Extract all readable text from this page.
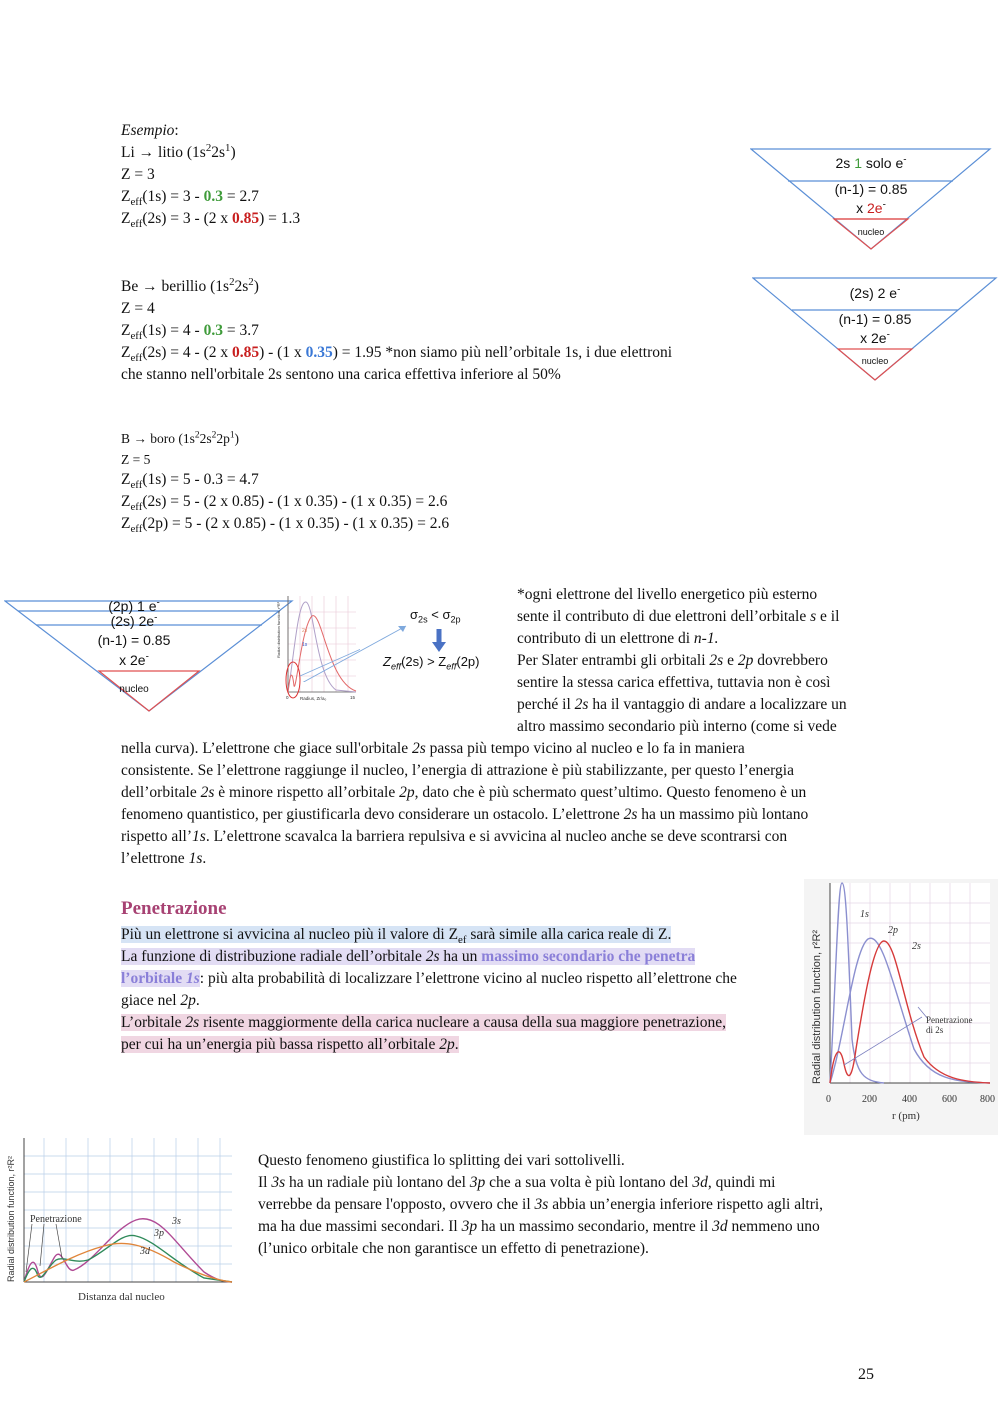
Esempio:
Li → litio $(1s^22s^1)$
Z = 3
$Z_{eff}(1s) = 3 - 0.3 = 2.7$
$Z_{eff}(2s) = 3 - (2$ x 0.85) = 1.3
2s 1 solo e-
(n-1) = 0.85
x 2e-
nucleo
Be → berillio $(1s^22s^2)$
Z = 4
$Z_{eff}(1s) = 4 - 0.3 = 3.7$
$Z_{eff}(2s) = 4 - (2$ x 0.85) - (1 x 0.35) = 1.95 *non siamo più nell’orbitale 1s, i due elettroni
che stanno nell'orbitale 2s sentono una carica effettiva inferiore al 50%
(2s) 2 e-
(n-1) = 0.85
x 2e-
nucleo
B → boro $(1s^22s^22p^1)$
Z = 5
$Z_{eff}(1s) = 5 - 0.3 = 4.7$
$Z_{eff}(2s) = 5 - (2$ x 0.85) - (1 x 0.35) - (1 x 0.35) = 2.6
$Z_{eff}(2p) = 5 - (2$ x 0.85) - (1 x 0.35) - (1 x 0.35) = 2.6
(2p) 1 e-
(2s) 2e-
(n-1) = 0.85
x 2e-
nucleo
Radial distribution function, r²R²
Radius, Zr/a₀
0	15
1s
2s
$\sigma_{2s} < \sigma_{2p}$
$Z_{eff}(2s) > Z_{eff}(2p)$
*ogni elettrone del livello energetico più esterno
sente il contributo di due elettroni dell’orbitale s e il
contributo di un elettrone di n-1.
Per Slater entrambi gli orbitali 2s e 2p dovrebbero
sentire la stessa carica effettiva, tuttavia non è così
perché il 2s ha il vantaggio di andare a localizzare un
altro massimo secondario più interno (come si vede
nella curva). L’elettrone che giace sull'orbitale 2s passa più tempo vicino al nucleo e lo fa in maniera
consistente. Se l’elettrone raggiunge il nucleo, l’energia di attrazione è più stabilizzante, per questo l’energia
dell’orbitale 2s è minore rispetto all’orbitale 2p, dato che è più schermato quest’ultimo. Questo fenomeno è un
fenomeno quantistico, per giustificarla devo considerare un ostacolo. L’elettrone 2s ha un massimo più lontano
rispetto all’1s. L’elettrone scavalca la barriera repulsiva e si avvicina al nucleo anche se deve scontrarsi con
l’elettrone 1s.
Penetrazione
Più un elettrone si avvicina al nucleo più il valore di $Z_{ef}$ sarà simile alla carica reale di Z.
La funzione di distribuzione radiale dell’orbitale 2s ha un massimo secondario che penetra
l’orbitale 1s: più alta probabilità di localizzare l’elettrone vicino al nucleo rispetto all’elettrone che
giace nel 2p.
L’orbitale 2s risente maggiormente della carica nucleare a causa della sua maggiore penetrazione,
per cui ha un’energia più bassa rispetto all’orbitale 2p.
1s
2p
2s
Penetrazione
di 2s
Radial distribution function, r²R²
0	200	400	600 800
r (pm)
Penetrazione	3s
3p
3d
Radial distribution function, r²R²
Distanza dal nucleo
Questo fenomeno giustifica lo splitting dei vari sottolivelli.
Il 3s ha un radiale più lontano del 3p che a sua volta è più lontano del 3d, quindi mi
verrebbe da pensare l'opposto, ovvero che il 3s abbia un’energia inferiore rispetto agli altri,
ma ha due massimi secondari. Il 3p ha un massimo secondario, mentre il 3d nemmeno uno
(l’unico orbitale che non garantisce un effetto di penetrazione).
25
